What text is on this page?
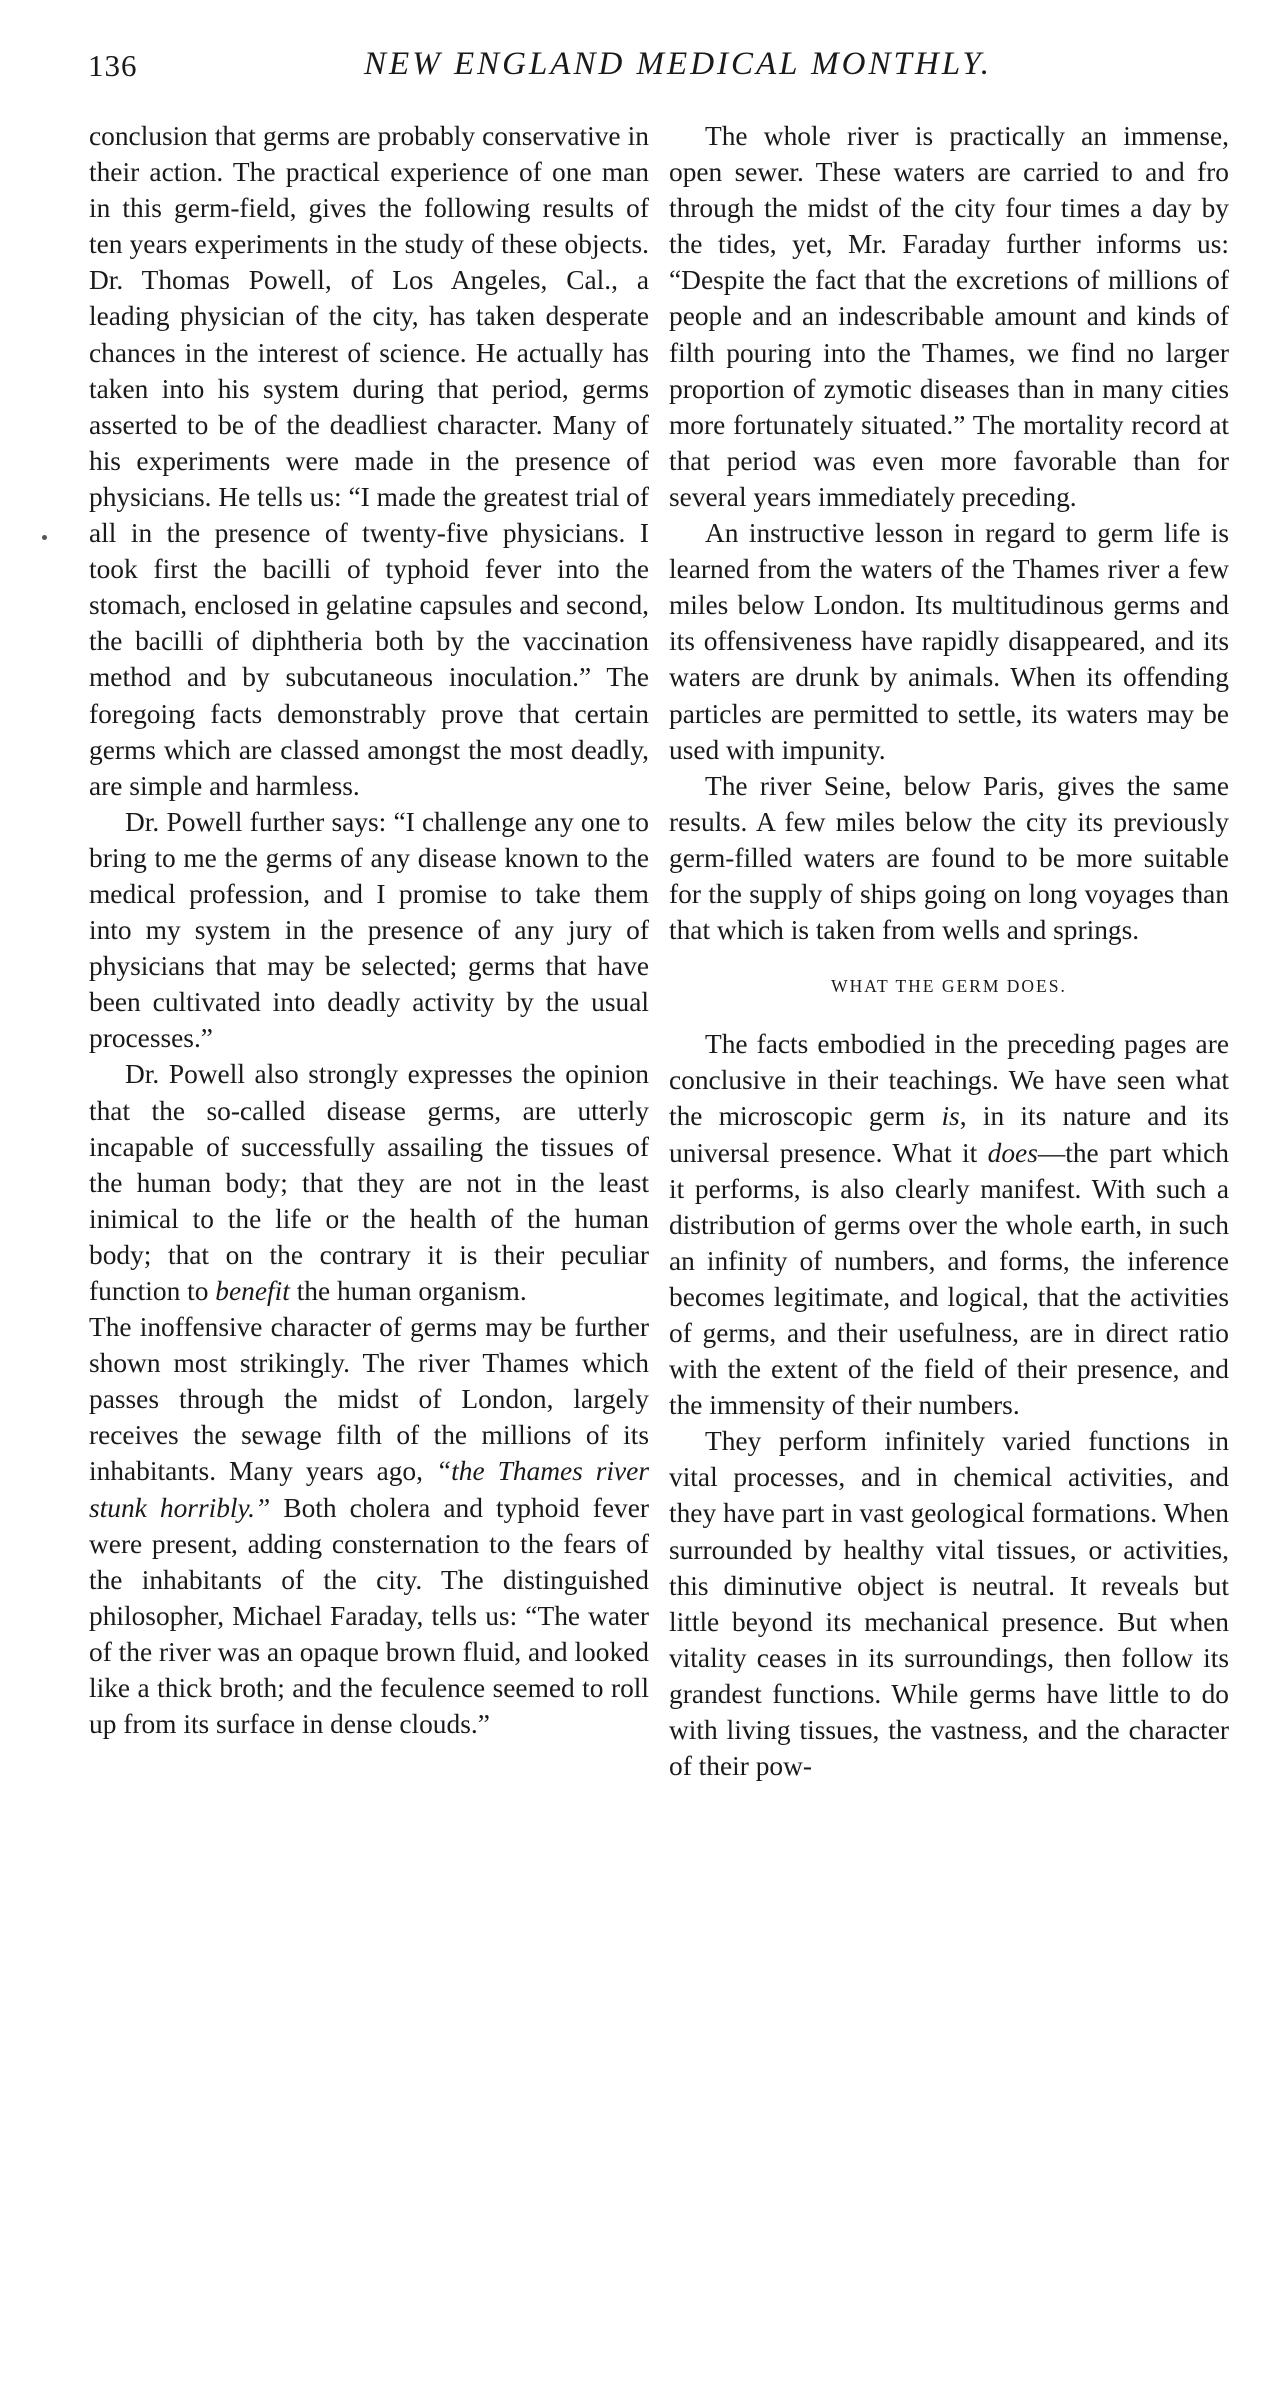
136	NEW ENGLAND MEDICAL MONTHLY.

conclusion that germs are probably conservative in their action. The practical experience of one man in this germ-field, gives the following results of ten years experiments in the study of these objects. Dr. Thomas Powell, of Los Angeles, Cal., a leading physician of the city, has taken desperate chances in the interest of science. He actually has taken into his system during that period, germs asserted to be of the deadliest character. Many of his experiments were made in the presence of physicians. He tells us: “I made the greatest trial of all in the presence of twenty-five physicians. I took first the bacilli of typhoid fever into the stomach, enclosed in gelatine capsules and second, the bacilli of diphtheria both by the vaccination method and by subcutaneous inoculation.” The foregoing facts demonstrably prove that certain germs which are classed amongst the most deadly, are simple and harmless.

Dr. Powell further says: “I challenge any one to bring to me the germs of any disease known to the medical profession, and I promise to take them into my system in the presence of any jury of physicians that may be selected; germs that have been cultivated into deadly activity by the usual processes.”

Dr. Powell also strongly expresses the opinion that the so-called disease germs, are utterly incapable of successfully assailing the tissues of the human body; that they are not in the least inimical to the life or the health of the human body; that on the contrary it is their peculiar function to benefit the human organism.

The inoffensive character of germs may be further shown most strikingly. The river Thames which passes through the midst of London, largely receives the sewage filth of the millions of its inhabitants. Many years ago, “the Thames river stunk horribly.” Both cholera and typhoid fever were present, adding consternation to the fears of the inhabitants of the city. The distinguished philosopher, Michael Faraday, tells us: “The water of the river was an opaque brown fluid, and looked like a thick broth; and the feculence seemed to roll up from its surface in dense clouds.”

The whole river is practically an immense, open sewer. These waters are carried to and fro through the midst of the city four times a day by the tides, yet, Mr. Faraday further informs us: “Despite the fact that the excretions of millions of people and an indescribable amount and kinds of filth pouring into the Thames, we find no larger proportion of zymotic diseases than in many cities more fortunately situated.” The mortality record at that period was even more favorable than for several years immediately preceding.

An instructive lesson in regard to germ life is learned from the waters of the Thames river a few miles below London. Its multitudinous germs and its offensiveness have rapidly disappeared, and its waters are drunk by animals. When its offending particles are permitted to settle, its waters may be used with impunity.

The river Seine, below Paris, gives the same results. A few miles below the city its previously germ-filled waters are found to be more suitable for the supply of ships going on long voyages than that which is taken from wells and springs.

WHAT THE GERM DOES.

The facts embodied in the preceding pages are conclusive in their teachings. We have seen what the microscopic germ is, in its nature and its universal presence. What it does—the part which it performs, is also clearly manifest. With such a distribution of germs over the whole earth, in such an infinity of numbers, and forms, the inference becomes legitimate, and logical, that the activities of germs, and their usefulness, are in direct ratio with the extent of the field of their presence, and the immensity of their numbers.

They perform infinitely varied functions in vital processes, and in chemical activities, and they have part in vast geological formations. When surrounded by healthy vital tissues, or activities, this diminutive object is neutral. It reveals but little beyond its mechanical presence. But when vitality ceases in its surroundings, then follow its grandest functions. While germs have little to do with living tissues, the vastness, and the character of their pow-
